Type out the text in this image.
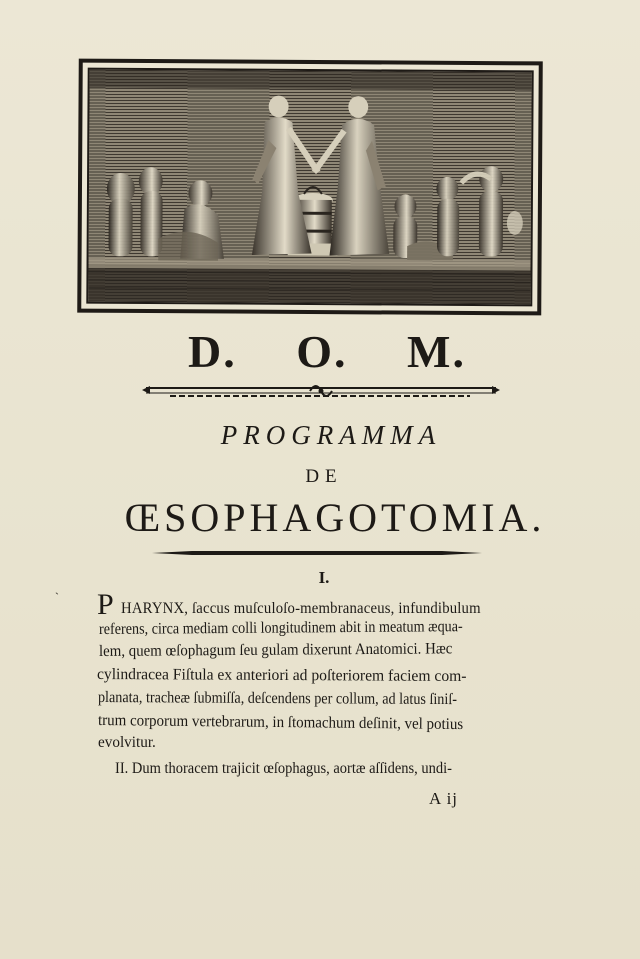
D. O. M.
PROGRAMMA
DE
ŒSOPHAGOTOMIA.
ˏ
I.
P HARYNX, ſaccus muſculoſo-membranaceus, infundibulum
referens, circa mediam colli longitudinem abit in meatum æqua-
lem, quem œſophagum ſeu gulam dixerunt Anatomici. Hæc
cylindracea Fiſtula ex anteriori ad poſteriorem faciem com-
planata, tracheæ ſubmiſſa, deſcendens per collum, ad latus ſiniſ-
trum corporum vertebrarum, in ſtomachum deſinit, vel potius
evolvitur.
II. Dum thoracem trajicit œſophagus, aortæ aſſidens, undi-
A ij
